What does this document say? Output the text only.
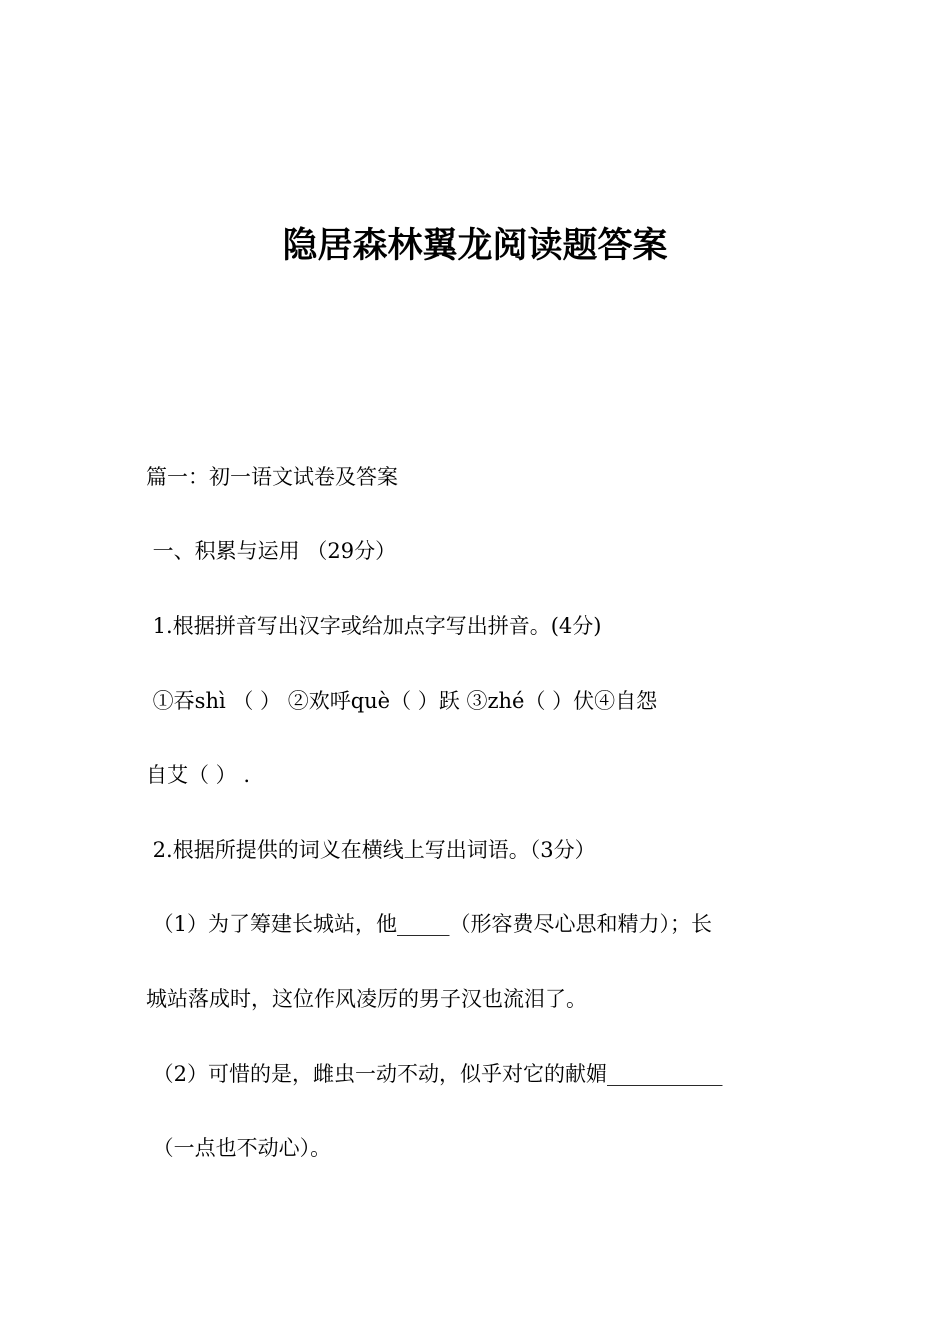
隐居森林翼龙阅读题答案

篇一：初一语文试卷及答案

一、积累与运用 （29分）

1.根据拼音写出汉字或给加点字写出拼音。(4分)

①吞shì （ ） ②欢呼què（ ）跃 ③zhé（ ）伏④自怨

自艾（ ） .

2.根据所提供的词义在横线上写出词语。（3分）

（1）为了筹建长城站，他_____（形容费尽心思和精力）；长

城站落成时，这位作风凌厉的男子汉也流泪了。

（2）可惜的是，雌虫一动不动，似乎对它的献媚___________

（一点也不动心）。
